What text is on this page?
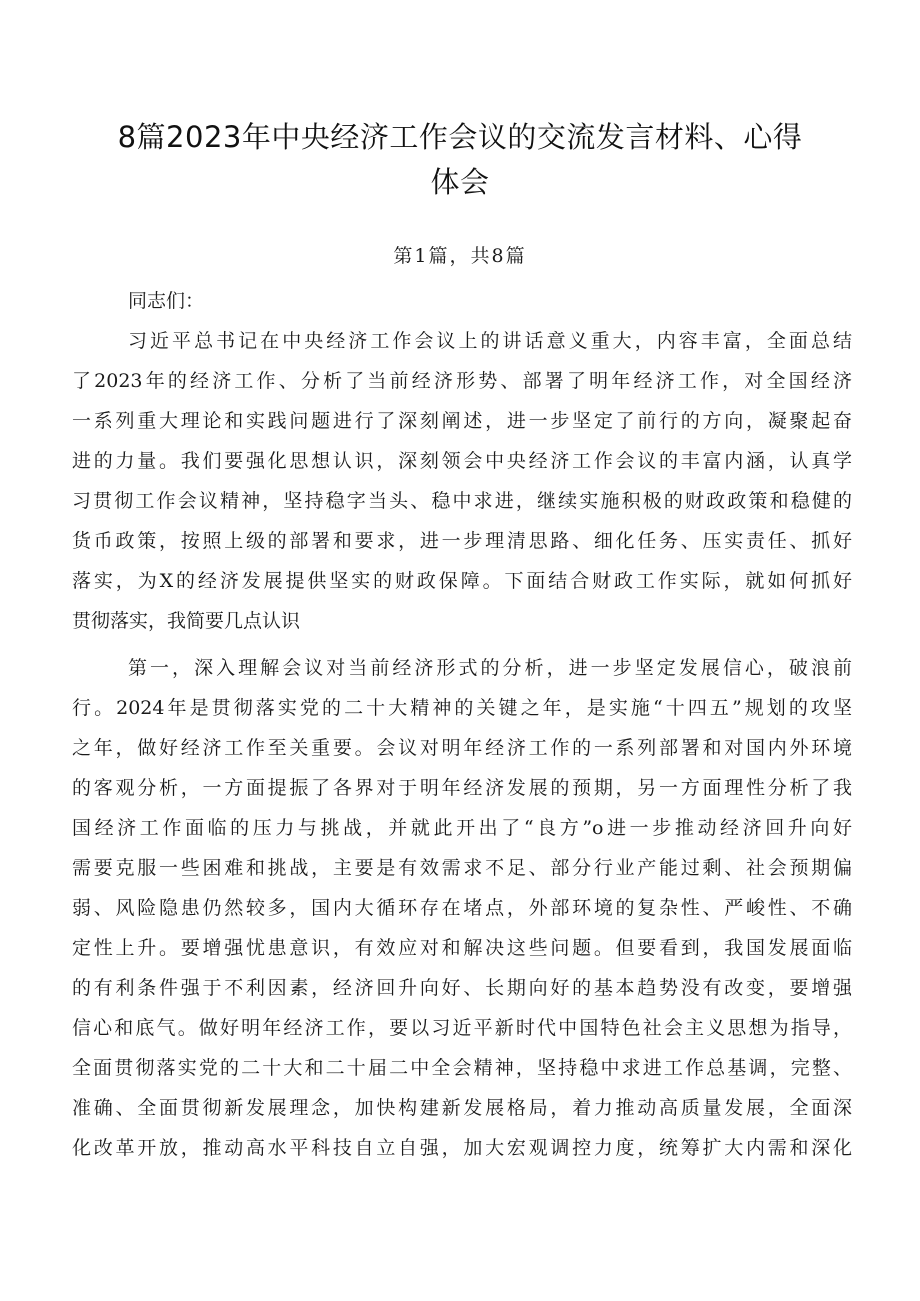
8篇2023年中央经济工作会议的交流发言材料、心得
体会
第1篇，共8篇
同志们：
习近平总书记在中央经济工作会议上的讲话意义重大，内容丰富，全面总结
了2023年的经济工作、分析了当前经济形势、部署了明年经济工作，对全国经济
一系列重大理论和实践问题进行了深刻阐述，进一步坚定了前行的方向，凝聚起奋
进的力量。我们要强化思想认识，深刻领会中央经济工作会议的丰富内涵，认真学
习贯彻工作会议精神，坚持稳字当头、稳中求进，继续实施积极的财政政策和稳健的
货币政策，按照上级的部署和要求，进一步理清思路、细化任务、压实责任、抓好
落实，为X的经济发展提供坚实的财政保障。下面结合财政工作实际，就如何抓好
贯彻落实，我简要几点认识
第一，深入理解会议对当前经济形式的分析，进一步坚定发展信心，破浪前
行。2024年是贯彻落实党的二十大精神的关键之年，是实施“十四五”规划的攻坚
之年，做好经济工作至关重要。会议对明年经济工作的一系列部署和对国内外环境
的客观分析，一方面提振了各界对于明年经济发展的预期，另一方面理性分析了我
国经济工作面临的压力与挑战，并就此开出了“良方”o进一步推动经济回升向好
需要克服一些困难和挑战，主要是有效需求不足、部分行业产能过剩、社会预期偏
弱、风险隐患仍然较多，国内大循环存在堵点，外部环境的复杂性、严峻性、不确
定性上升。要增强忧患意识，有效应对和解决这些问题。但要看到，我国发展面临
的有利条件强于不利因素，经济回升向好、长期向好的基本趋势没有改变，要增强
信心和底气。做好明年经济工作，要以习近平新时代中国特色社会主义思想为指导，
全面贯彻落实党的二十大和二十届二中全会精神，坚持稳中求进工作总基调，完整、
准确、全面贯彻新发展理念，加快构建新发展格局，着力推动高质量发展，全面深
化改革开放，推动高水平科技自立自强，加大宏观调控力度，统筹扩大内需和深化
